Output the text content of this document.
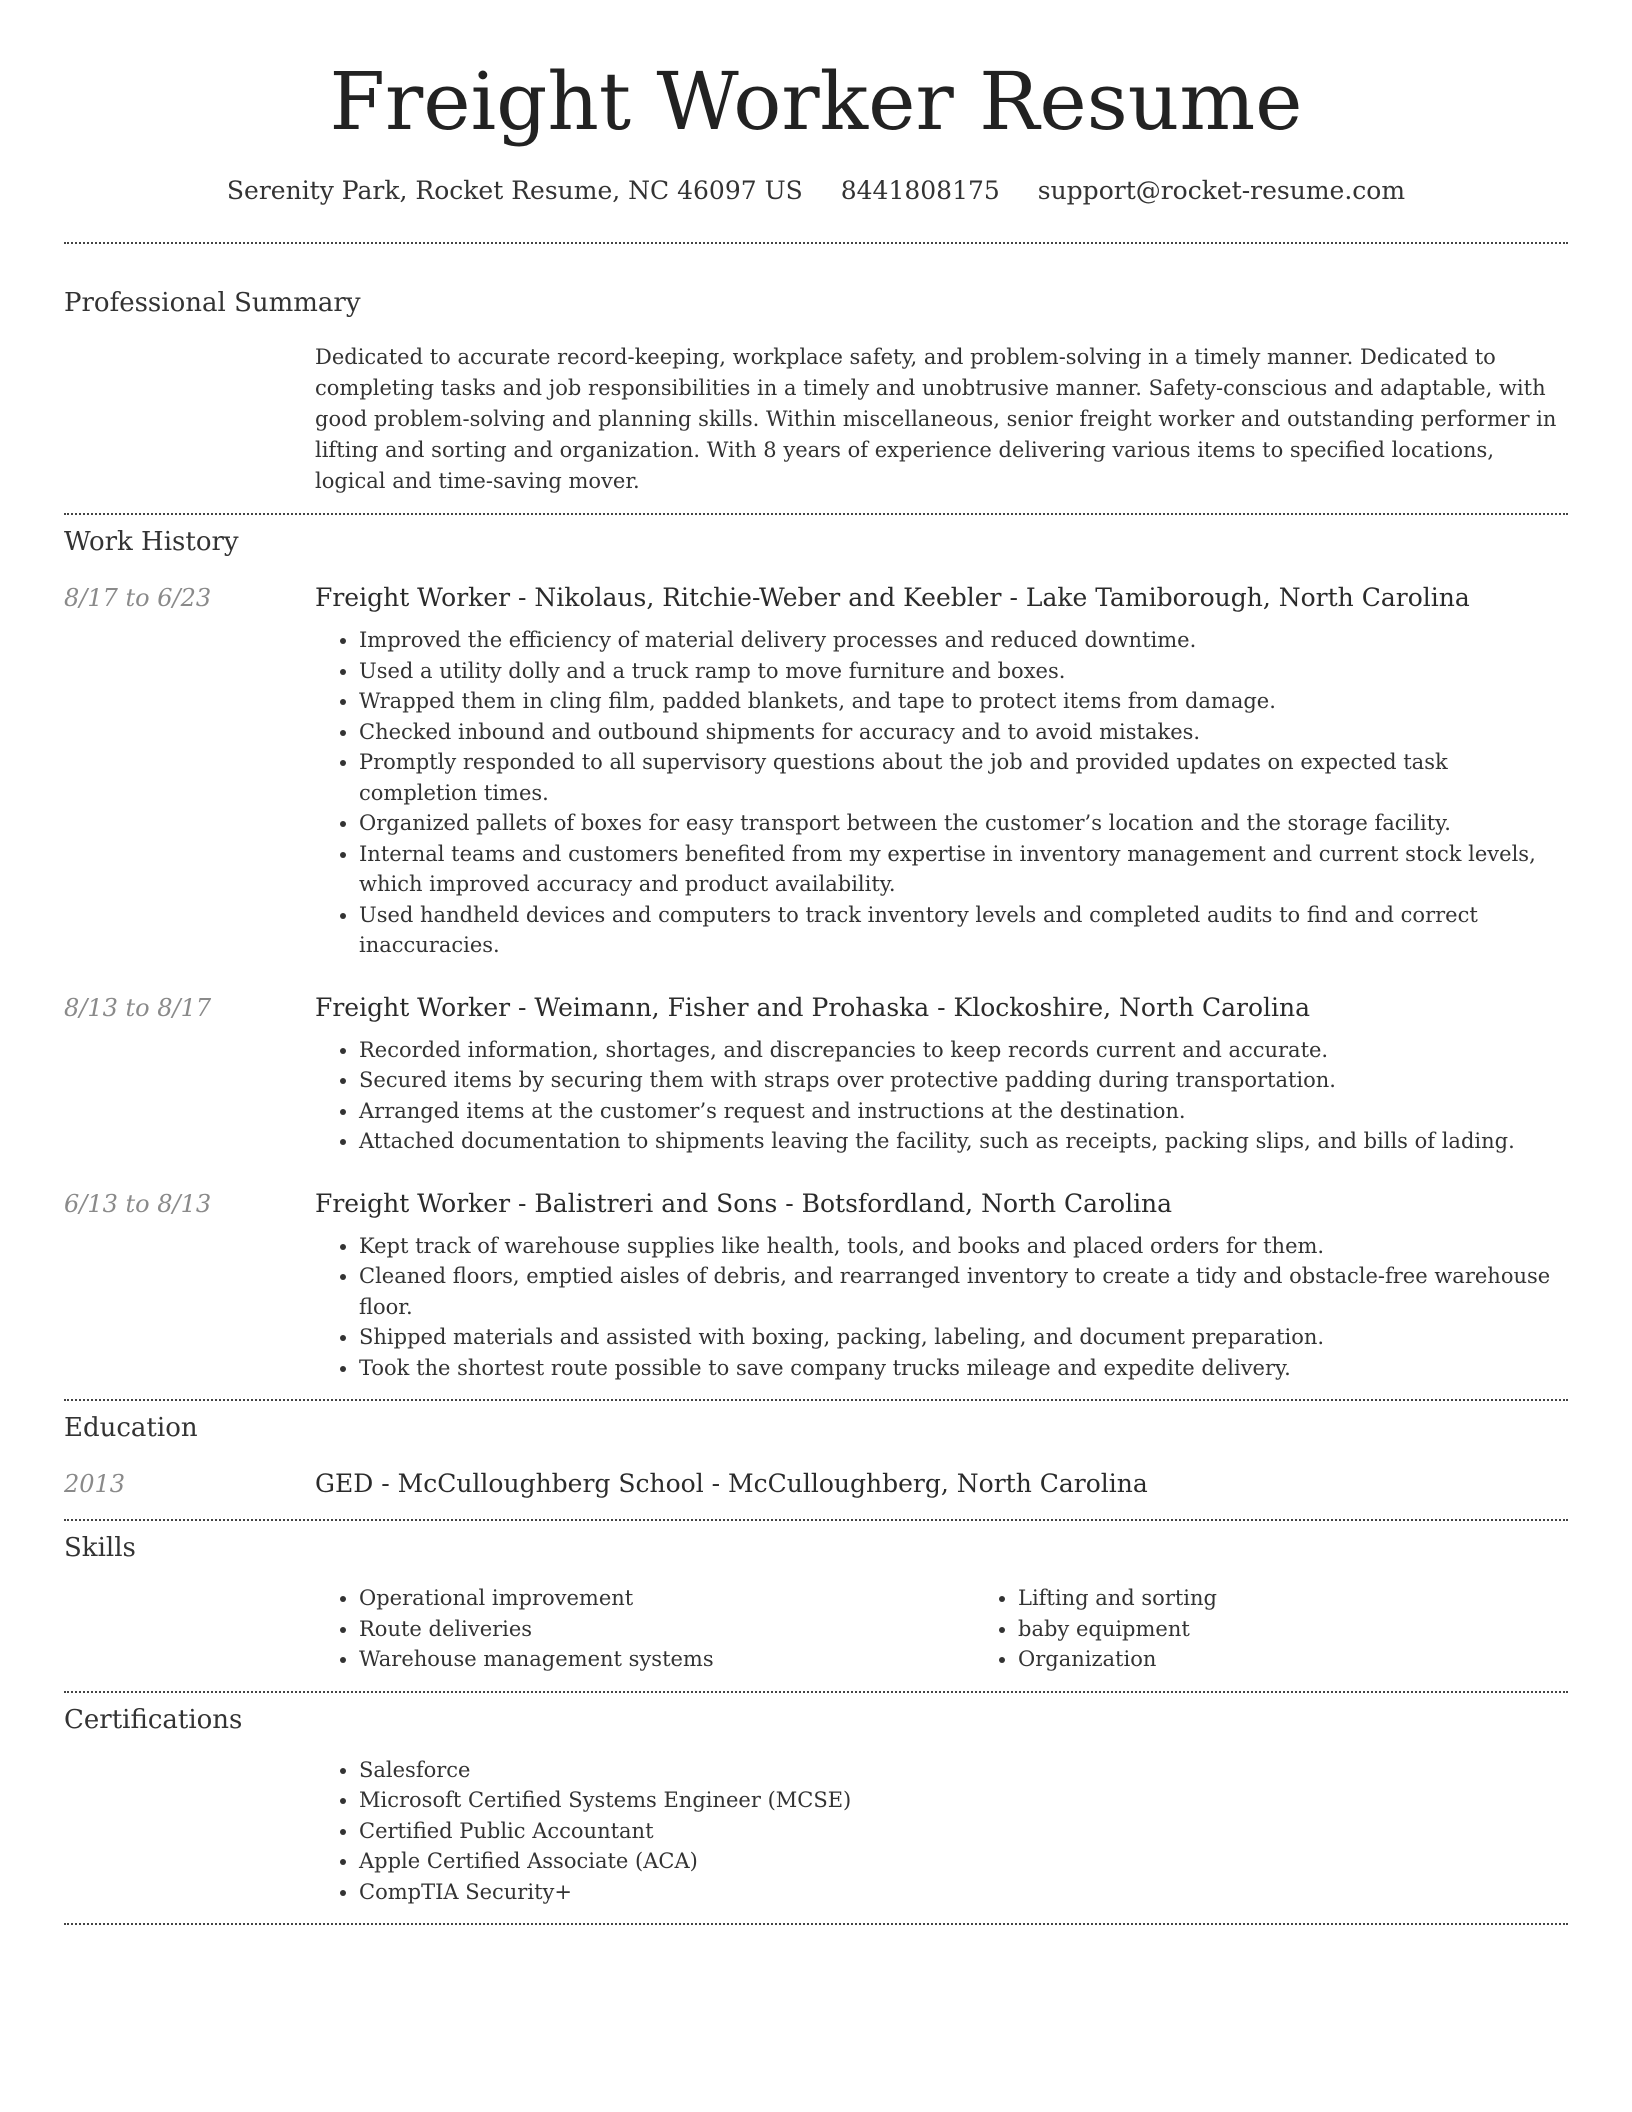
Freight Worker Resume
Serenity Park, Rocket Resume, NC 46097 US 8441808175 support@rocket-resume.com
Professional Summary
Dedicated to accurate record-keeping, workplace safety, and problem-solving in a timely manner. Dedicated to completing tasks and job responsibilities in a timely and unobtrusive manner. Safety-conscious and adaptable, with good problem-solving and planning skills. Within miscellaneous, senior freight worker and outstanding performer in lifting and sorting and organization. With 8 years of experience delivering various items to specified locations, logical and time-saving mover.
Work History
8/17 to 6/23	Freight Worker - Nikolaus, Ritchie-Weber and Keebler - Lake Tamiborough, North Carolina
• Improved the efficiency of material delivery processes and reduced downtime.
• Used a utility dolly and a truck ramp to move furniture and boxes.
• Wrapped them in cling film, padded blankets, and tape to protect items from damage.
• Checked inbound and outbound shipments for accuracy and to avoid mistakes.
• Promptly responded to all supervisory questions about the job and provided updates on expected task completion times.
• Organized pallets of boxes for easy transport between the customer’s location and the storage facility.
• Internal teams and customers benefited from my expertise in inventory management and current stock levels, which improved accuracy and product availability.
• Used handheld devices and computers to track inventory levels and completed audits to find and correct inaccuracies.
8/13 to 8/17	Freight Worker - Weimann, Fisher and Prohaska - Klockoshire, North Carolina
• Recorded information, shortages, and discrepancies to keep records current and accurate.
• Secured items by securing them with straps over protective padding during transportation.
• Arranged items at the customer’s request and instructions at the destination.
• Attached documentation to shipments leaving the facility, such as receipts, packing slips, and bills of lading.
6/13 to 8/13	Freight Worker - Balistreri and Sons - Botsfordland, North Carolina
• Kept track of warehouse supplies like health, tools, and books and placed orders for them.
• Cleaned floors, emptied aisles of debris, and rearranged inventory to create a tidy and obstacle-free warehouse floor.
• Shipped materials and assisted with boxing, packing, labeling, and document preparation.
• Took the shortest route possible to save company trucks mileage and expedite delivery.
Education
2013	GED - McCulloughberg School - McCulloughberg, North Carolina
Skills
• Operational improvement
• Route deliveries
• Warehouse management systems
• Lifting and sorting
• baby equipment
• Organization
Certifications
• Salesforce
• Microsoft Certified Systems Engineer (MCSE)
• Certified Public Accountant
• Apple Certified Associate (ACA)
• CompTIA Security+
